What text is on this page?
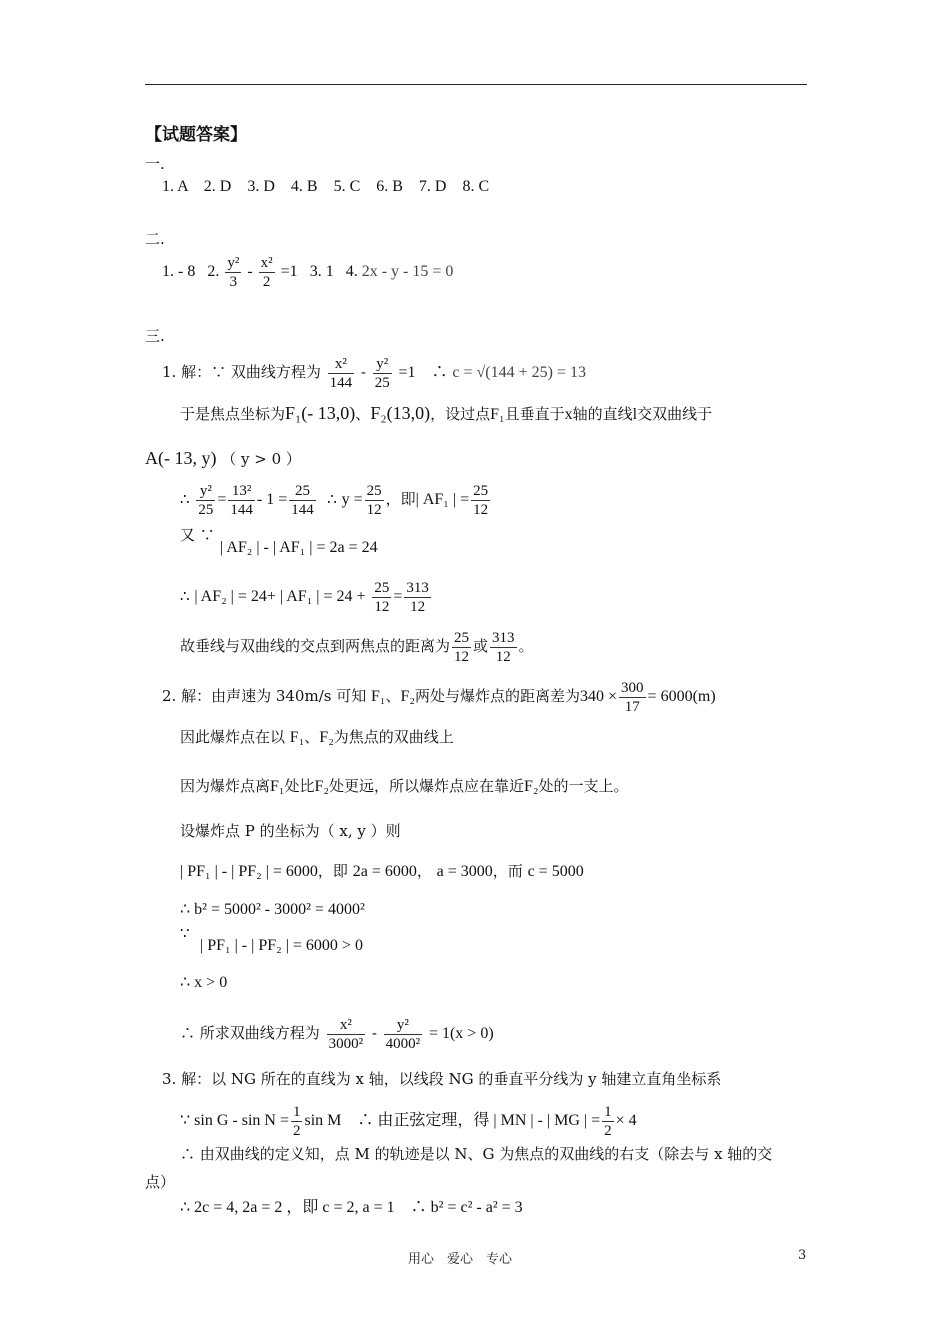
【试题答案】
一.
1. A　2. D　3. D　4. B　5. C　6. B　7. D　8. C
二.
1. - 8 2. $\frac{\text{y²}}{3} - \frac{\text{x²}}{2} =1$ 3. 1 4. 2x - y - 15 = 0
三.
1. 解：∵ 双曲线方程为 $\frac{\text{x²}}{144} - \frac{\text{y²}}{25} =1$　∴ c = √(144 + 25) = 13
于是焦点坐标为F₁(- 13,0)、F₂(13,0)，设过点F₁且垂直于x轴的直线l交双曲线于
A(- 13, y) （ y > 0 ）
∴ $\frac{\text{y²}}{25} = \frac{\text{13²}}{144} - 1 = \frac{25}{144}$ ∴ $y = \frac{25}{12}$ ，即| AF₁ | = $\frac{25}{12}$
又 ∵
| AF₂ | - | AF₁ | = 2a = 24
∴ | AF₂ | = 24+ | AF₁ | = $24 + \frac{25}{12} = \frac{313}{12}$
故垂线与双曲线的交点到两焦点的距离为 $\frac{25}{12}$ 或 $\frac{313}{12}$ 。
2. 解：由声速为 340m/s 可知 F₁、F₂两处与爆炸点的距离差为$340 \times \frac{300}{17} = 6000(m)$
因此爆炸点在以 F₁、F₂为焦点的双曲线上
因为爆炸点离F₁处比F₂处更远，所以爆炸点应在靠近F₂处的一支上。
设爆炸点 P 的坐标为（ x, y ）则
| PF₁ | - | PF₂ | = 6000，即 2a = 6000， a = 3000，而 c = 5000
∴ b² = 5000² - 3000² = 4000²
∵
| PF₁ | - | PF₂ | = 6000 > 0
∴ x > 0
∴ 所求双曲线方程为 $\frac{\text{x²}}{\text{3000²}} - \frac{\text{y²}}{\text{4000²}} = 1(x > 0)$
3. 解：以 NG 所在的直线为 x 轴，以线段 NG 的垂直平分线为 y 轴建立直角坐标系
∵ $\sin G - \sin N = \frac{1}{2}$ sin M　∴ 由正弦定理，得 | MN | - | MG | = $\frac{1}{2} \times 4$
∴ 由双曲线的定义知，点 M 的轨迹是以 N、G 为焦点的双曲线的右支（除去与 x 轴的交
点）
∴ 2c = 4, 2a = 2 ，即 c = 2, a = 1　∴ b² = c² - a² = 3
用心　爱心　专心	3
